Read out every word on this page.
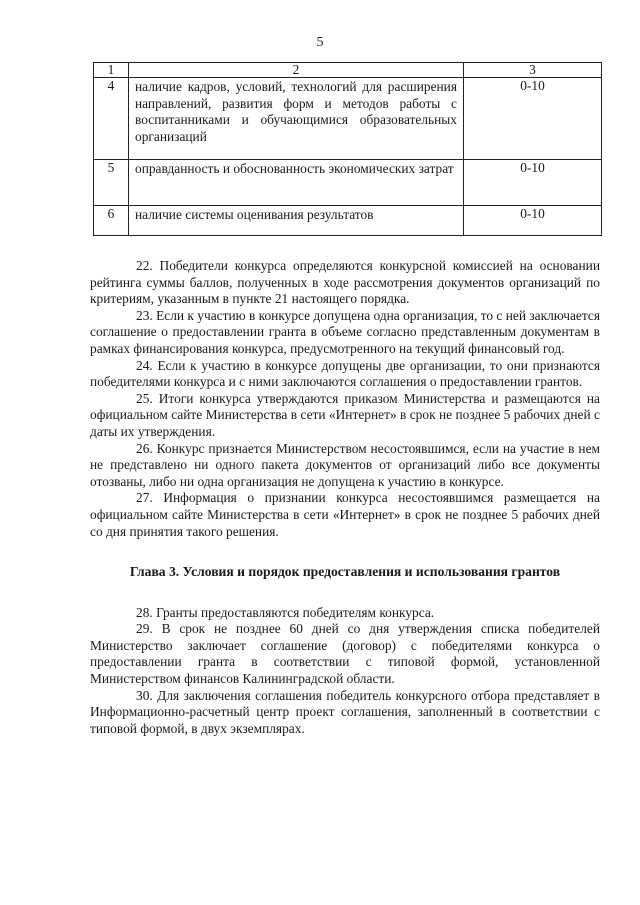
5
1	2	3
4	наличие кадров, условий, технологий для расширения направлений, развития форм и методов работы с воспитанниками и обучающимися образовательных организаций	0-10
5	оправданность и обоснованность экономических затрат	0-10
6	наличие системы оценивания результатов	0-10

22. Победители конкурса определяются конкурсной комиссией на основании рейтинга суммы баллов, полученных в ходе рассмотрения документов организаций по критериям, указанным в пункте 21 настоящего порядка.

23. Если к участию в конкурсе допущена одна организация, то с ней заключается соглашение о предоставлении гранта в объеме согласно представленным документам в рамках финансирования конкурса, предусмотренного на текущий финансовый год.

24. Если к участию в конкурсе допущены две организации, то они признаются победителями конкурса и с ними заключаются соглашения о предоставлении грантов.

25. Итоги конкурса утверждаются приказом Министерства и размещаются на официальном сайте Министерства в сети «Интернет» в срок не позднее 5 рабочих дней с даты их утверждения.

26. Конкурс признается Министерством несостоявшимся, если на участие в нем не представлено ни одного пакета документов от организаций либо все документы отозваны, либо ни одна организация не допущена к участию в конкурсе.

27. Информация о признании конкурса несостоявшимся размещается на официальном сайте Министерства в сети «Интернет» в срок не позднее 5 рабочих дней со дня принятия такого решения.

Глава 3. Условия и порядок предоставления и использования грантов

28. Гранты предоставляются победителям конкурса.

29. В срок не позднее 60 дней со дня утверждения списка победителей Министерство заключает соглашение (договор) с победителями конкурса о предоставлении гранта в соответствии с типовой формой, установленной Министерством финансов Калининградской области.

30. Для заключения соглашения победитель конкурсного отбора представляет в Информационно-расчетный центр проект соглашения, заполненный в соответствии с типовой формой, в двух экземплярах.
